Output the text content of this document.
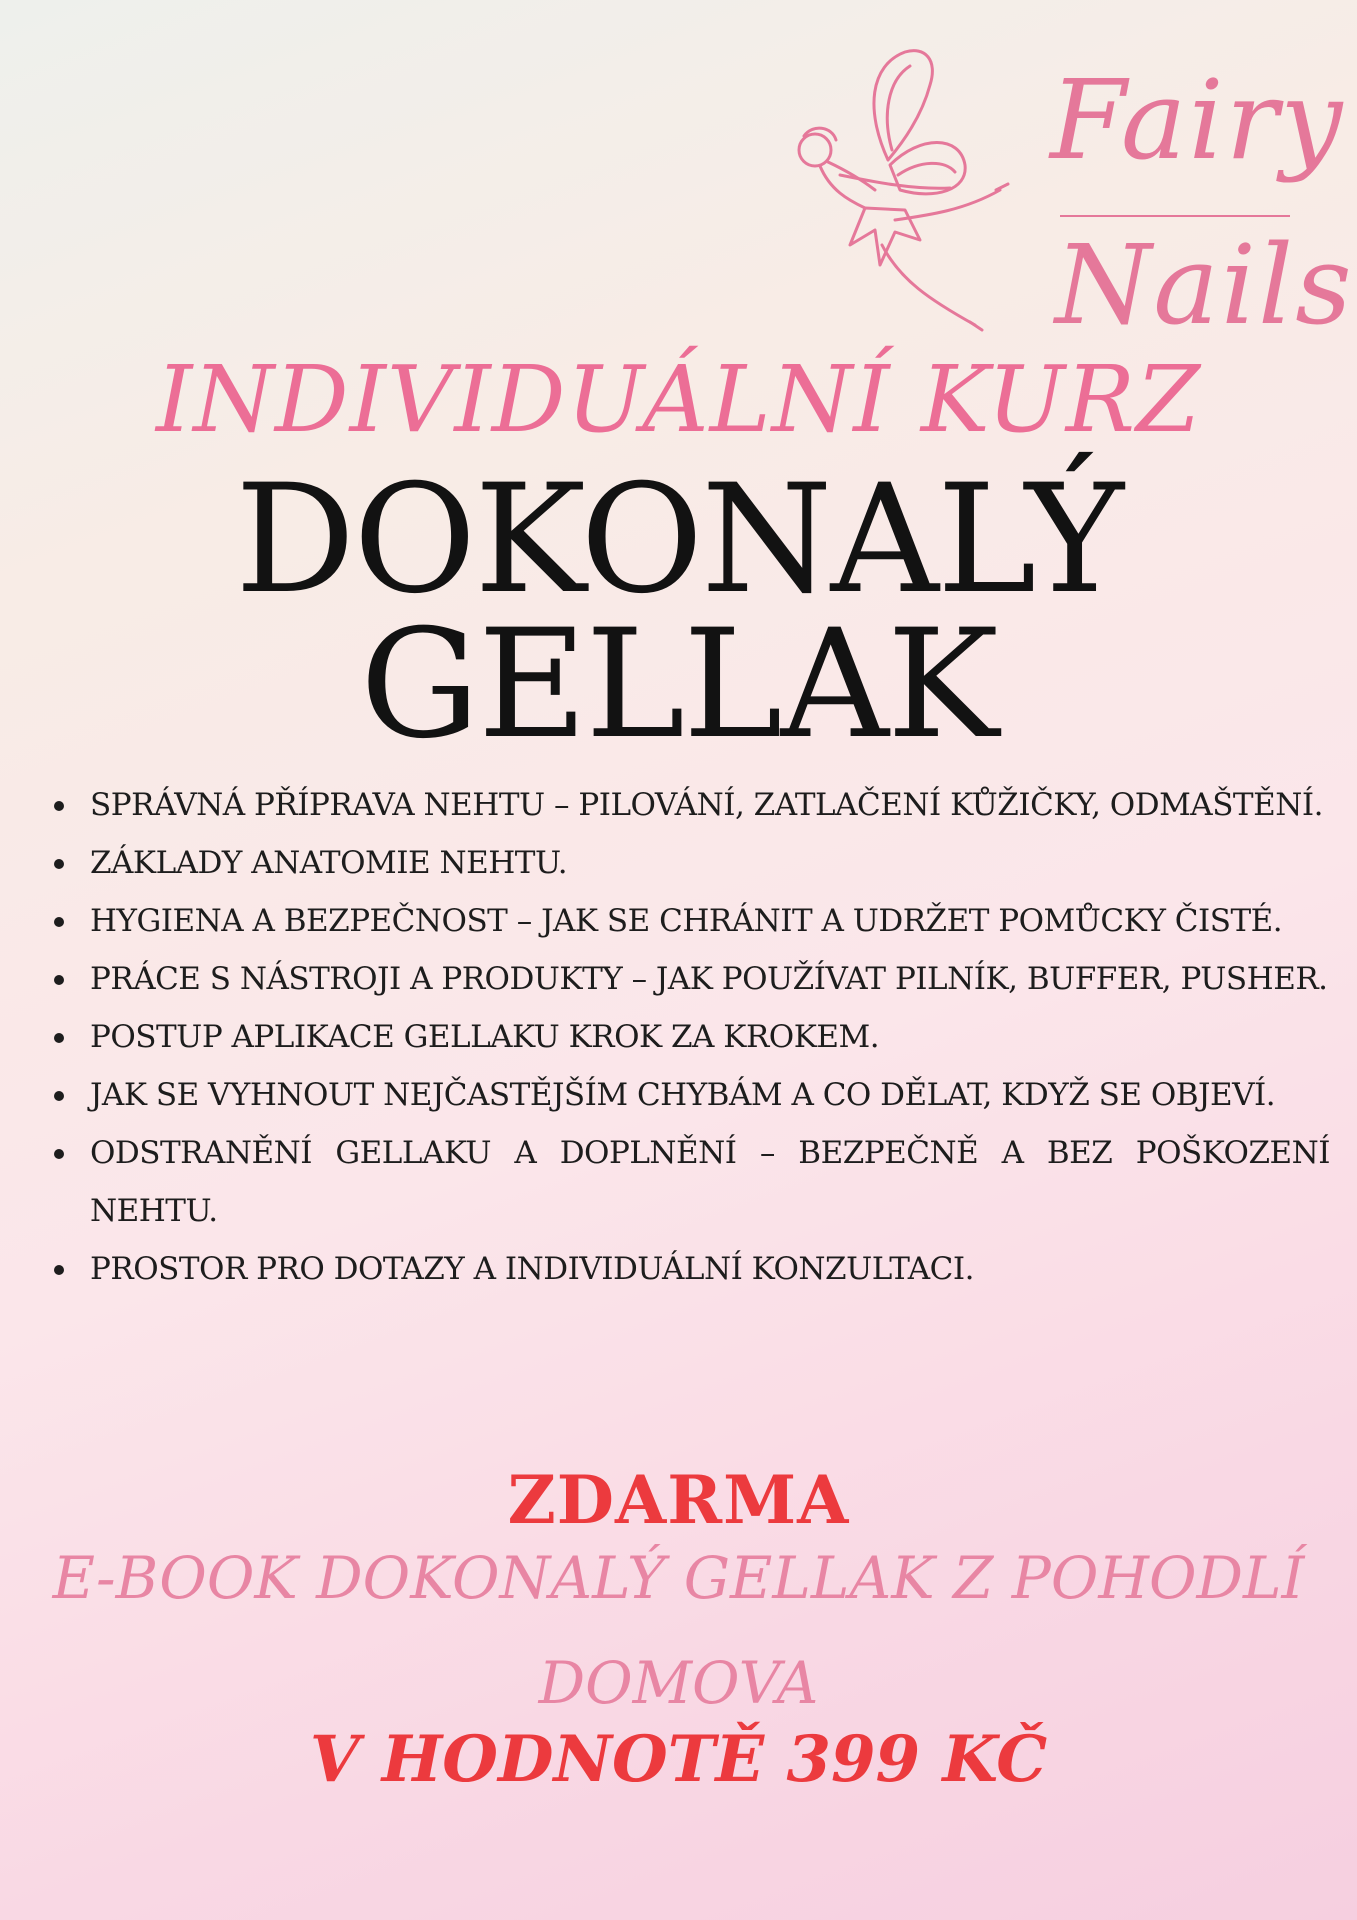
Fairy
Nails
INDIVIDUÁLNÍ KURZ
DOKONALÝ
GELLAK
SPRÁVNÁ PŘÍPRAVA NEHTU – PILOVÁNÍ, ZATLAČENÍ KŮŽIČKY, ODMAŠTĚNÍ.
ZÁKLADY ANATOMIE NEHTU.
HYGIENA A BEZPEČNOST – JAK SE CHRÁNIT A UDRŽET POMŮCKY ČISTÉ.
PRÁCE S NÁSTROJI A PRODUKTY – JAK POUŽÍVAT PILNÍK, BUFFER, PUSHER.
POSTUP APLIKACE GELLAKU KROK ZA KROKEM.
JAK SE VYHNOUT NEJČASTĚJŠÍM CHYBÁM A CO DĚLAT, KDYŽ SE OBJEVÍ.
ODSTRANĚNÍ GELLAKU A DOPLNĚNÍ – BEZPEČNĚ A BEZ POŠKOZENÍ NEHTU.
PROSTOR PRO DOTAZY A INDIVIDUÁLNÍ KONZULTACI.
ZDARMA
E-BOOK DOKONALÝ GELLAK Z POHODLÍ
DOMOVA
V HODNOTĚ 399 KČ
